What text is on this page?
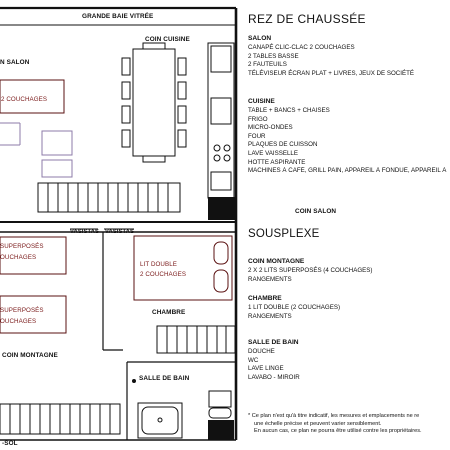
GRANDE BAIE VITRÉE
COIN CUISINE
N SALON
2 COUCHAGES
VASISTAS VASISTAS
SUPERPOSÉS
OUCHAGES
SUPERPOSÉS
OUCHAGES
LIT DOUBLE
2 COUCHAGES
CHAMBRE
COIN MONTAGNE
SALLE DE BAIN
-SOL
COIN SALON
REZ DE CHAUSSÉE
SALON
CANAPÉ CLIC-CLAC 2 COUCHAGES
2 TABLES BASSE
2 FAUTEUILS
TÉLÉVISEUR ÉCRAN PLAT + LIVRES, JEUX DE SOCIÉTÉ
CUISINE
TABLE + BANCS + CHAISES
FRIGO
MICRO-ONDES
FOUR
PLAQUES DE CUISSON
LAVE VAISSELLE
HOTTE ASPIRANTE
MACHINES À CAFÉ, GRILL PAIN, APPAREIL À FONDUE, APPAREIL À
SOUSPLEXE
COIN MONTAGNE
2 X 2 LITS SUPERPOSÉS (4 COUCHAGES)
RANGEMENTS
CHAMBRE
1 LIT DOUBLE (2 COUCHAGES)
RANGEMENTS
SALLE DE BAIN
DOUCHE
WC
LAVE LINGE
LAVABO - MIROIR
* Ce plan n'est qu'à titre indicatif, les mesures et emplacements ne re
une échelle précise et peuvent varier sensiblement.
En aucun cas, ce plan ne pourra être utilisé contre les propriétaires.
